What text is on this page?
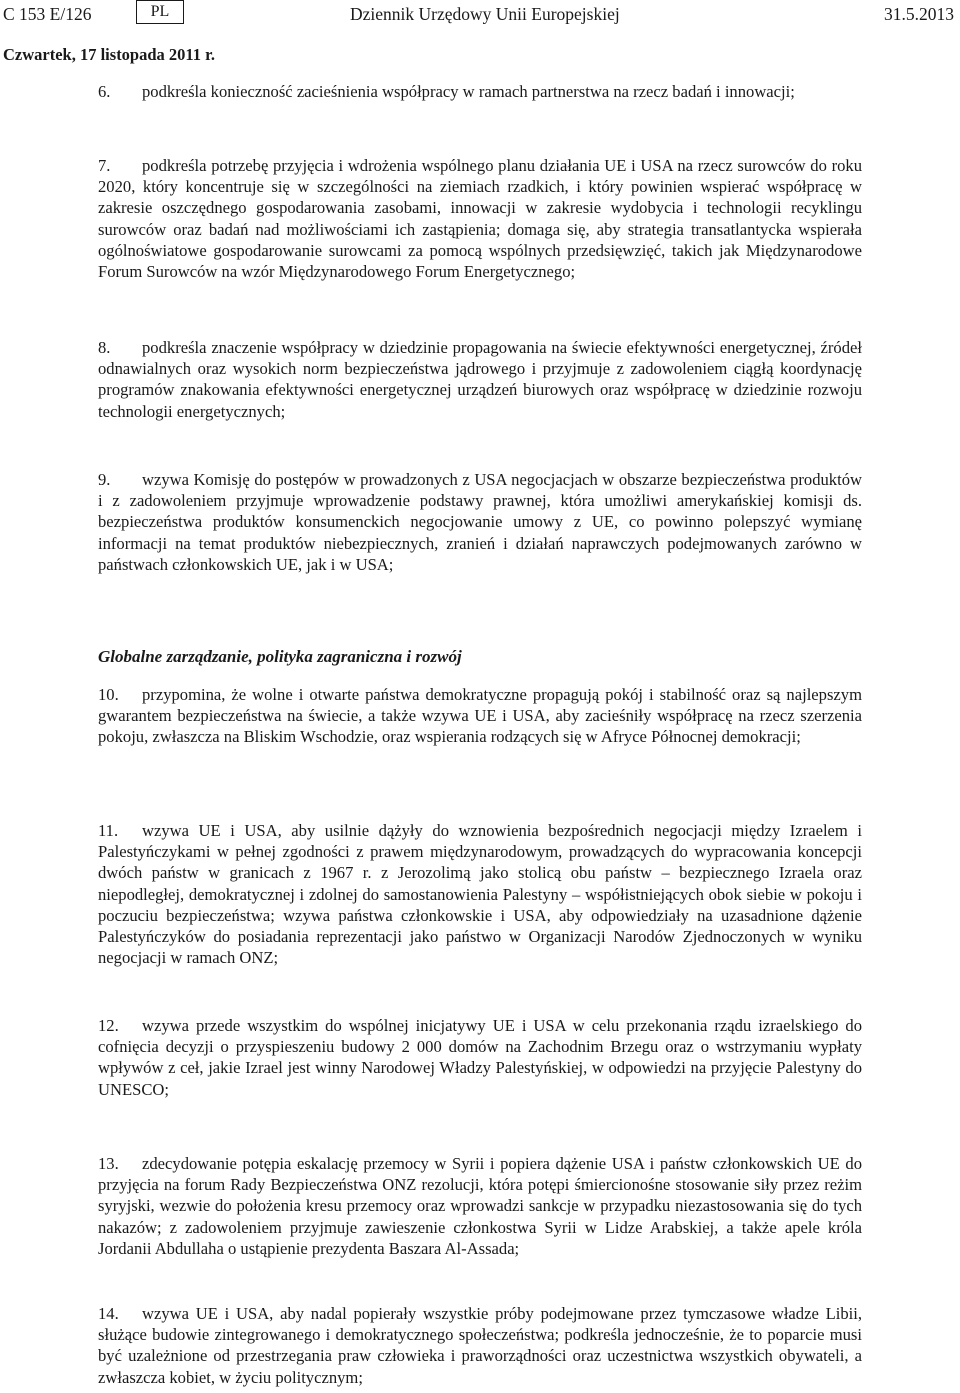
C 153 E/126	PL	Dziennik Urzędowy Unii Europejskiej	31.5.2013
Czwartek, 17 listopada 2011 r.
6. podkreśla konieczność zacieśnienia współpracy w ramach partnerstwa na rzecz badań i innowacji;
7. podkreśla potrzebę przyjęcia i wdrożenia wspólnego planu działania UE i USA na rzecz surowców do roku 2020, który koncentruje się w szczególności na ziemiach rzadkich, i który powinien wspierać współpracę w zakresie oszczędnego gospodarowania zasobami, innowacji w zakresie wydobycia i technologii recyklingu surowców oraz badań nad możliwościami ich zastąpienia; domaga się, aby strategia transatlantycka wspierała ogólnoświatowe gospodarowanie surowcami za pomocą wspólnych przedsięwzięć, takich jak Międzynarodowe Forum Surowców na wzór Międzynarodowego Forum Energetycznego;
8. podkreśla znaczenie współpracy w dziedzinie propagowania na świecie efektywności energetycznej, źródeł odnawialnych oraz wysokich norm bezpieczeństwa jądrowego i przyjmuje z zadowoleniem ciągłą koordynację programów znakowania efektywności energetycznej urządzeń biurowych oraz współpracę w dziedzinie rozwoju technologii energetycznych;
9. wzywa Komisję do postępów w prowadzonych z USA negocjacjach w obszarze bezpieczeństwa produktów i z zadowoleniem przyjmuje wprowadzenie podstawy prawnej, która umożliwi amerykańskiej komisji ds. bezpieczeństwa produktów konsumenckich negocjowanie umowy z UE, co powinno polepszyć wymianę informacji na temat produktów niebezpiecznych, zranień i działań naprawczych podejmowanych zarówno w państwach członkowskich UE, jak i w USA;
Globalne zarządzanie, polityka zagraniczna i rozwój
10. przypomina, że wolne i otwarte państwa demokratyczne propagują pokój i stabilność oraz są najlepszym gwarantem bezpieczeństwa na świecie, a także wzywa UE i USA, aby zacieśniły współpracę na rzecz szerzenia pokoju, zwłaszcza na Bliskim Wschodzie, oraz wspierania rodzących się w Afryce Północnej demokracji;
11. wzywa UE i USA, aby usilnie dążyły do wznowienia bezpośrednich negocjacji między Izraelem i Palestyńczykami w pełnej zgodności z prawem międzynarodowym, prowadzących do wypracowania koncepcji dwóch państw w granicach z 1967 r. z Jerozolimą jako stolicą obu państw – bezpiecznego Izraela oraz niepodległej, demokratycznej i zdolnej do samostanowienia Palestyny – współistniejących obok siebie w pokoju i poczuciu bezpieczeństwa; wzywa państwa członkowskie i USA, aby odpowiedziały na uzasadnione dążenie Palestyńczyków do posiadania reprezentacji jako państwo w Organizacji Narodów Zjednoczonych w wyniku negocjacji w ramach ONZ;
12. wzywa przede wszystkim do wspólnej inicjatywy UE i USA w celu przekonania rządu izraelskiego do cofnięcia decyzji o przyspieszeniu budowy 2 000 domów na Zachodnim Brzegu oraz o wstrzymaniu wypłaty wpływów z ceł, jakie Izrael jest winny Narodowej Władzy Palestyńskiej, w odpowiedzi na przyjęcie Palestyny do UNESCO;
13. zdecydowanie potępia eskalację przemocy w Syrii i popiera dążenie USA i państw członkowskich UE do przyjęcia na forum Rady Bezpieczeństwa ONZ rezolucji, która potępi śmiercionośne stosowanie siły przez reżim syryjski, wezwie do położenia kresu przemocy oraz wprowadzi sankcje w przypadku niezastosowania się do tych nakazów; z zadowoleniem przyjmuje zawieszenie członkostwa Syrii w Lidze Arabskiej, a także apele króla Jordanii Abdullaha o ustąpienie prezydenta Baszara Al-Assada;
14. wzywa UE i USA, aby nadal popierały wszystkie próby podejmowane przez tymczasowe władze Libii, służące budowie zintegrowanego i demokratycznego społeczeństwa; podkreśla jednocześnie, że to poparcie musi być uzależnione od przestrzegania praw człowieka i praworządności oraz uczestnictwa wszystkich obywateli, a zwłaszcza kobiet, w życiu politycznym;
